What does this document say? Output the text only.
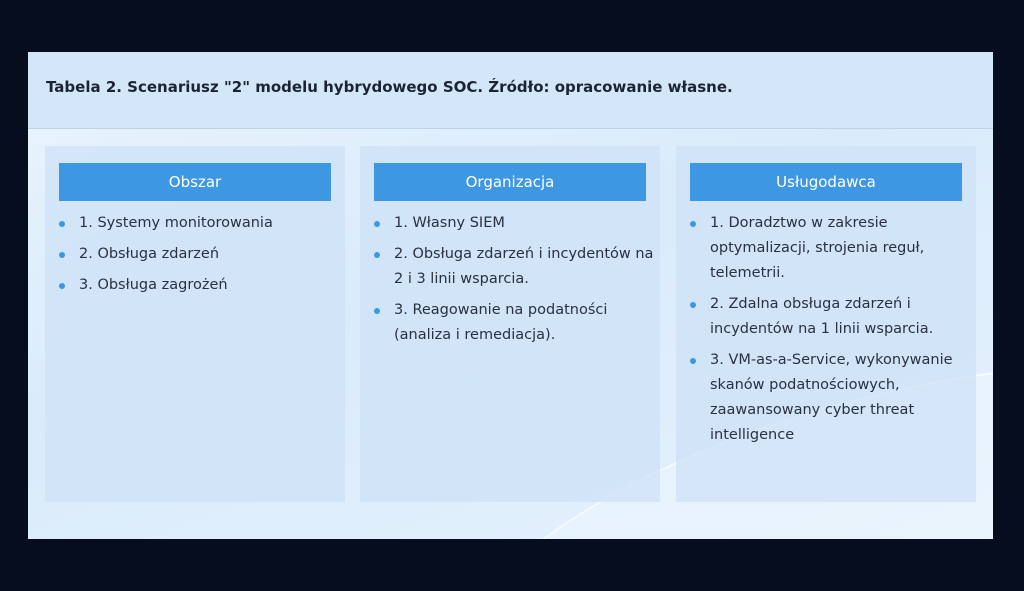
Tabela 2. Scenariusz "2" modelu hybrydowego SOC. Źródło: opracowanie własne.
Obszar
1. Systemy monitorowania
2. Obsługa zdarzeń
3. Obsługa zagrożeń
Organizacja
1. Własny SIEM
2. Obsługa zdarzeń i incydentów na 2 i 3 linii wsparcia.
3. Reagowanie na podatności (analiza i remediacja).
Usługodawca
1. Doradztwo w zakresie optymalizacji, strojenia reguł, telemetrii.
2. Zdalna obsługa zdarzeń i incydentów na 1 linii wsparcia.
3. VM-as-a-Service, wykonywanie skanów podatnościowych, zaawansowany cyber threat intelligence
